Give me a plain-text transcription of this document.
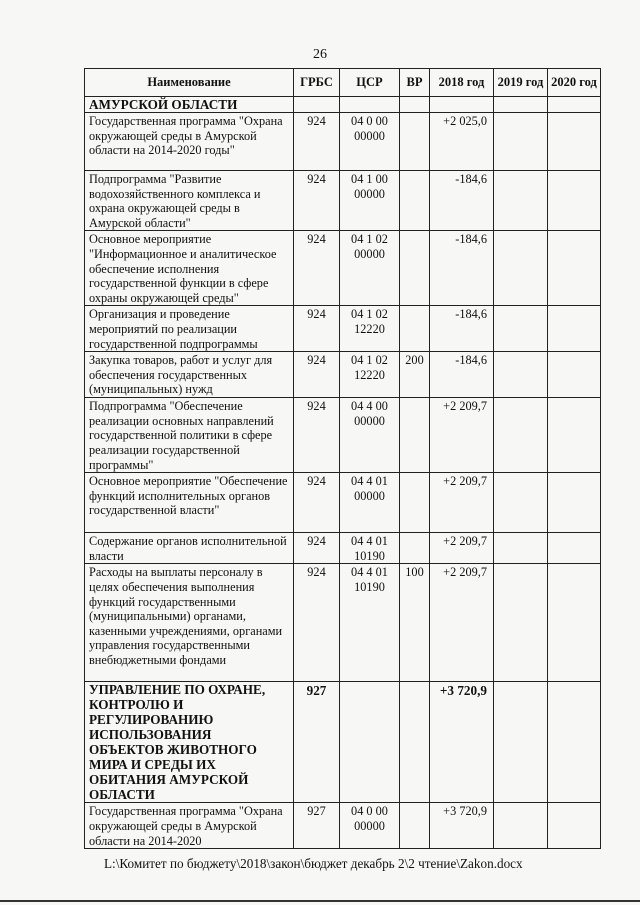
26
Наименование	ГРБС	ЦСР	ВР	2018 год	2019 год	2020 год
АМУРСКОЙ ОБЛАСТИ						
Государственная программа "Охрана окружающей среды в Амурской области на 2014-2020 годы"	924	04 0 00 00000		+2 025,0		
Подпрограмма "Развитие водохозяйственного комплекса и охрана окружающей среды в Амурской области"	924	04 1 00 00000		-184,6		
Основное мероприятие "Информационное и аналитическое обеспечение исполнения государственной функции в сфере охраны окружающей среды"	924	04 1 02 00000		-184,6		
Организация и проведение мероприятий по реализации государственной подпрограммы	924	04 1 02 12220		-184,6		
Закупка товаров, работ и услуг для обеспечения государственных (муниципальных) нужд	924	04 1 02 12220	200	-184,6		
Подпрограмма "Обеспечение реализации основных направлений государственной политики в сфере реализации государственной программы"	924	04 4 00 00000		+2 209,7		
Основное мероприятие "Обеспечение функций исполнительных органов государственной власти"	924	04 4 01 00000		+2 209,7		
Содержание органов исполнительной власти	924	04 4 01 10190		+2 209,7		
Расходы на выплаты персоналу в целях обеспечения выполнения функций государственными (муниципальными) органами, казенными учреждениями, органами управления государственными внебюджетными фондами	924	04 4 01 10190	100	+2 209,7		
УПРАВЛЕНИЕ ПО ОХРАНЕ, КОНТРОЛЮ И РЕГУЛИРОВАНИЮ ИСПОЛЬЗОВАНИЯ ОБЪЕКТОВ ЖИВОТНОГО МИРА И СРЕДЫ ИХ ОБИТАНИЯ АМУРСКОЙ ОБЛАСТИ	927			+3 720,9		
Государственная программа "Охрана окружающей среды в Амурской области на 2014-2020	927	04 0 00 00000		+3 720,9		
L:\Комитет по бюджету\2018\закон\бюджет декабрь 2\2 чтение\Zakon.docx
